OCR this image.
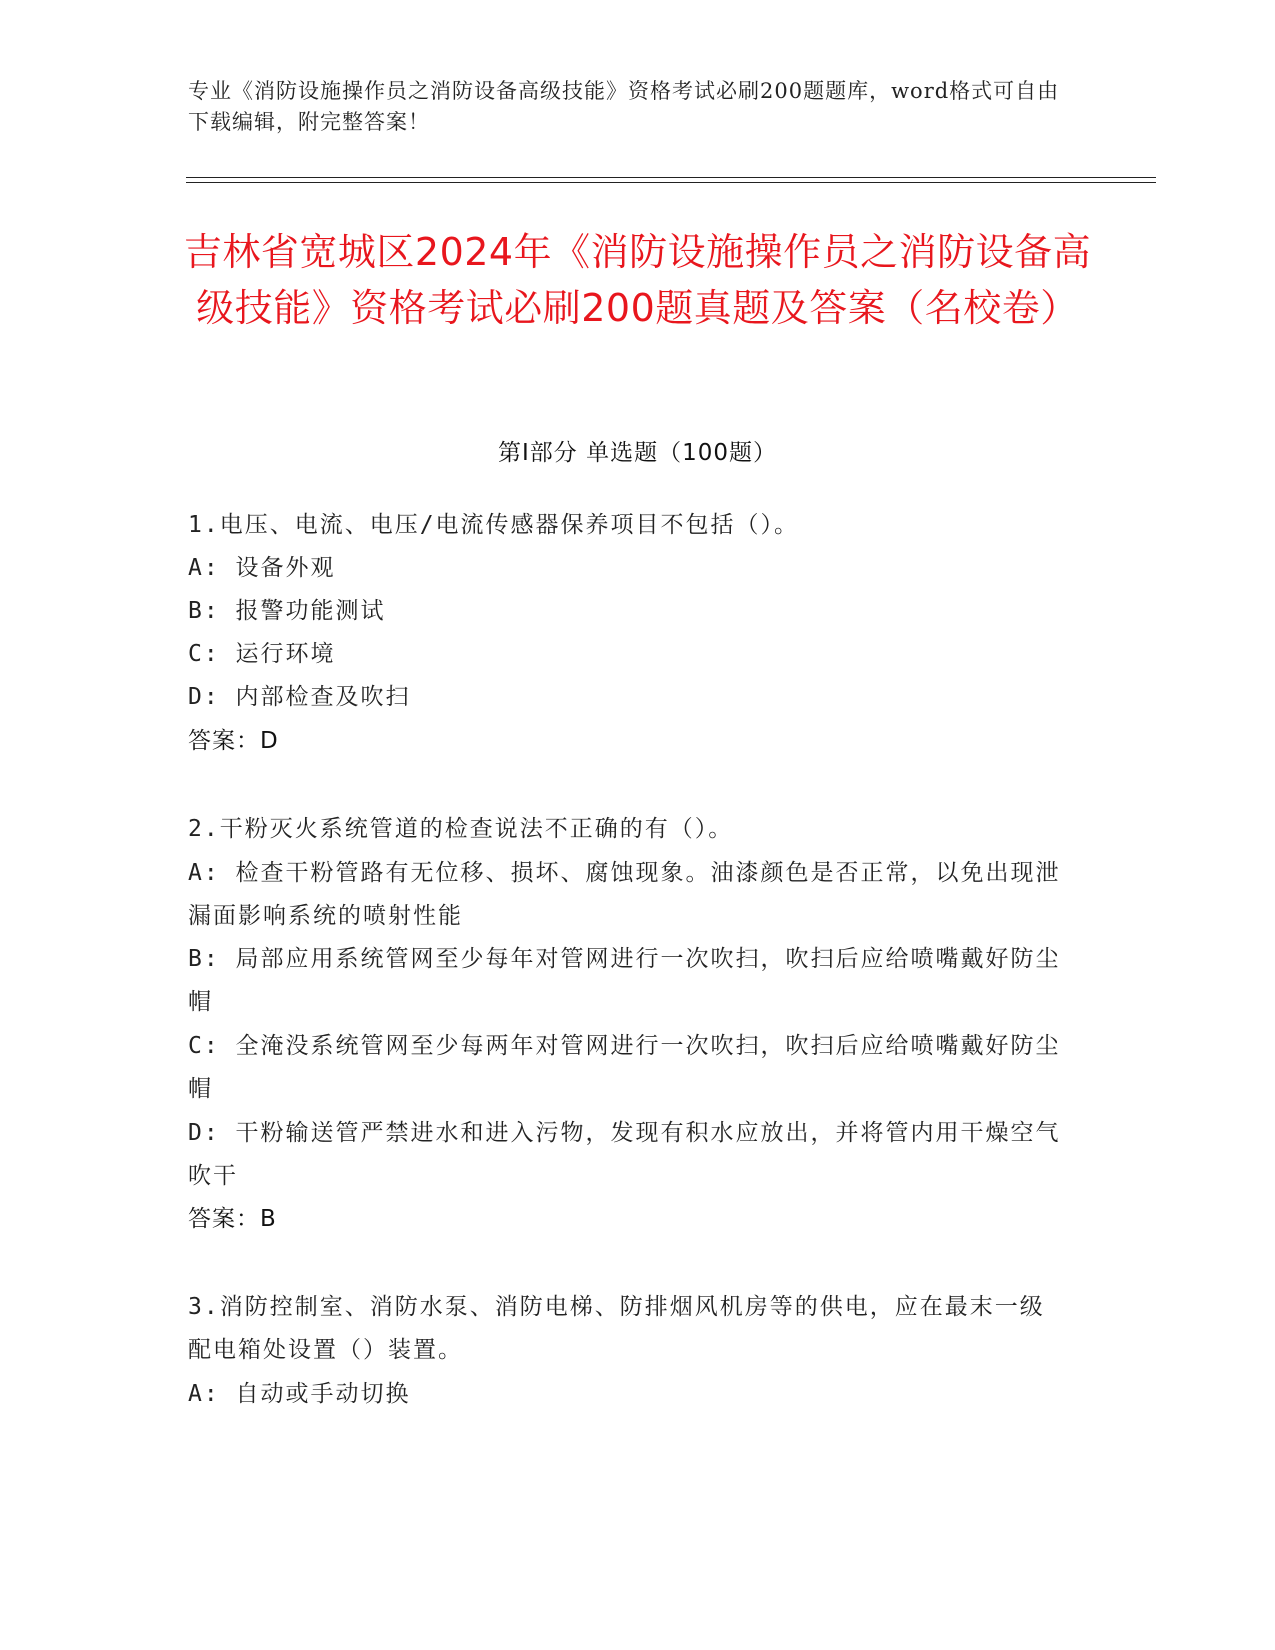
专业《消防设施操作员之消防设备高级技能》资格考试必刷200题题库，word格式可自由下载编辑，附完整答案！
吉林省宽城区2024年《消防设施操作员之消防设备高级技能》资格考试必刷200题真题及答案（名校卷）
第Ⅰ部分 单选题（100题）
1.电压、电流、电压/电流传感器保养项目不包括（）。
A: 设备外观
B: 报警功能测试
C: 运行环境
D: 内部检查及吹扫
答案：D
2.干粉灭火系统管道的检查说法不正确的有（）。
A: 检查干粉管路有无位移、损坏、腐蚀现象。油漆颜色是否正常，以免出现泄漏面影响系统的喷射性能
B: 局部应用系统管网至少每年对管网进行一次吹扫，吹扫后应给喷嘴戴好防尘帽
C: 全淹没系统管网至少每两年对管网进行一次吹扫，吹扫后应给喷嘴戴好防尘帽
D: 干粉输送管严禁进水和进入污物，发现有积水应放出，并将管内用干燥空气吹干
答案：B
3.消防控制室、消防水泵、消防电梯、防排烟风机房等的供电，应在最末一级配电箱处设置（）装置。
A: 自动或手动切换
